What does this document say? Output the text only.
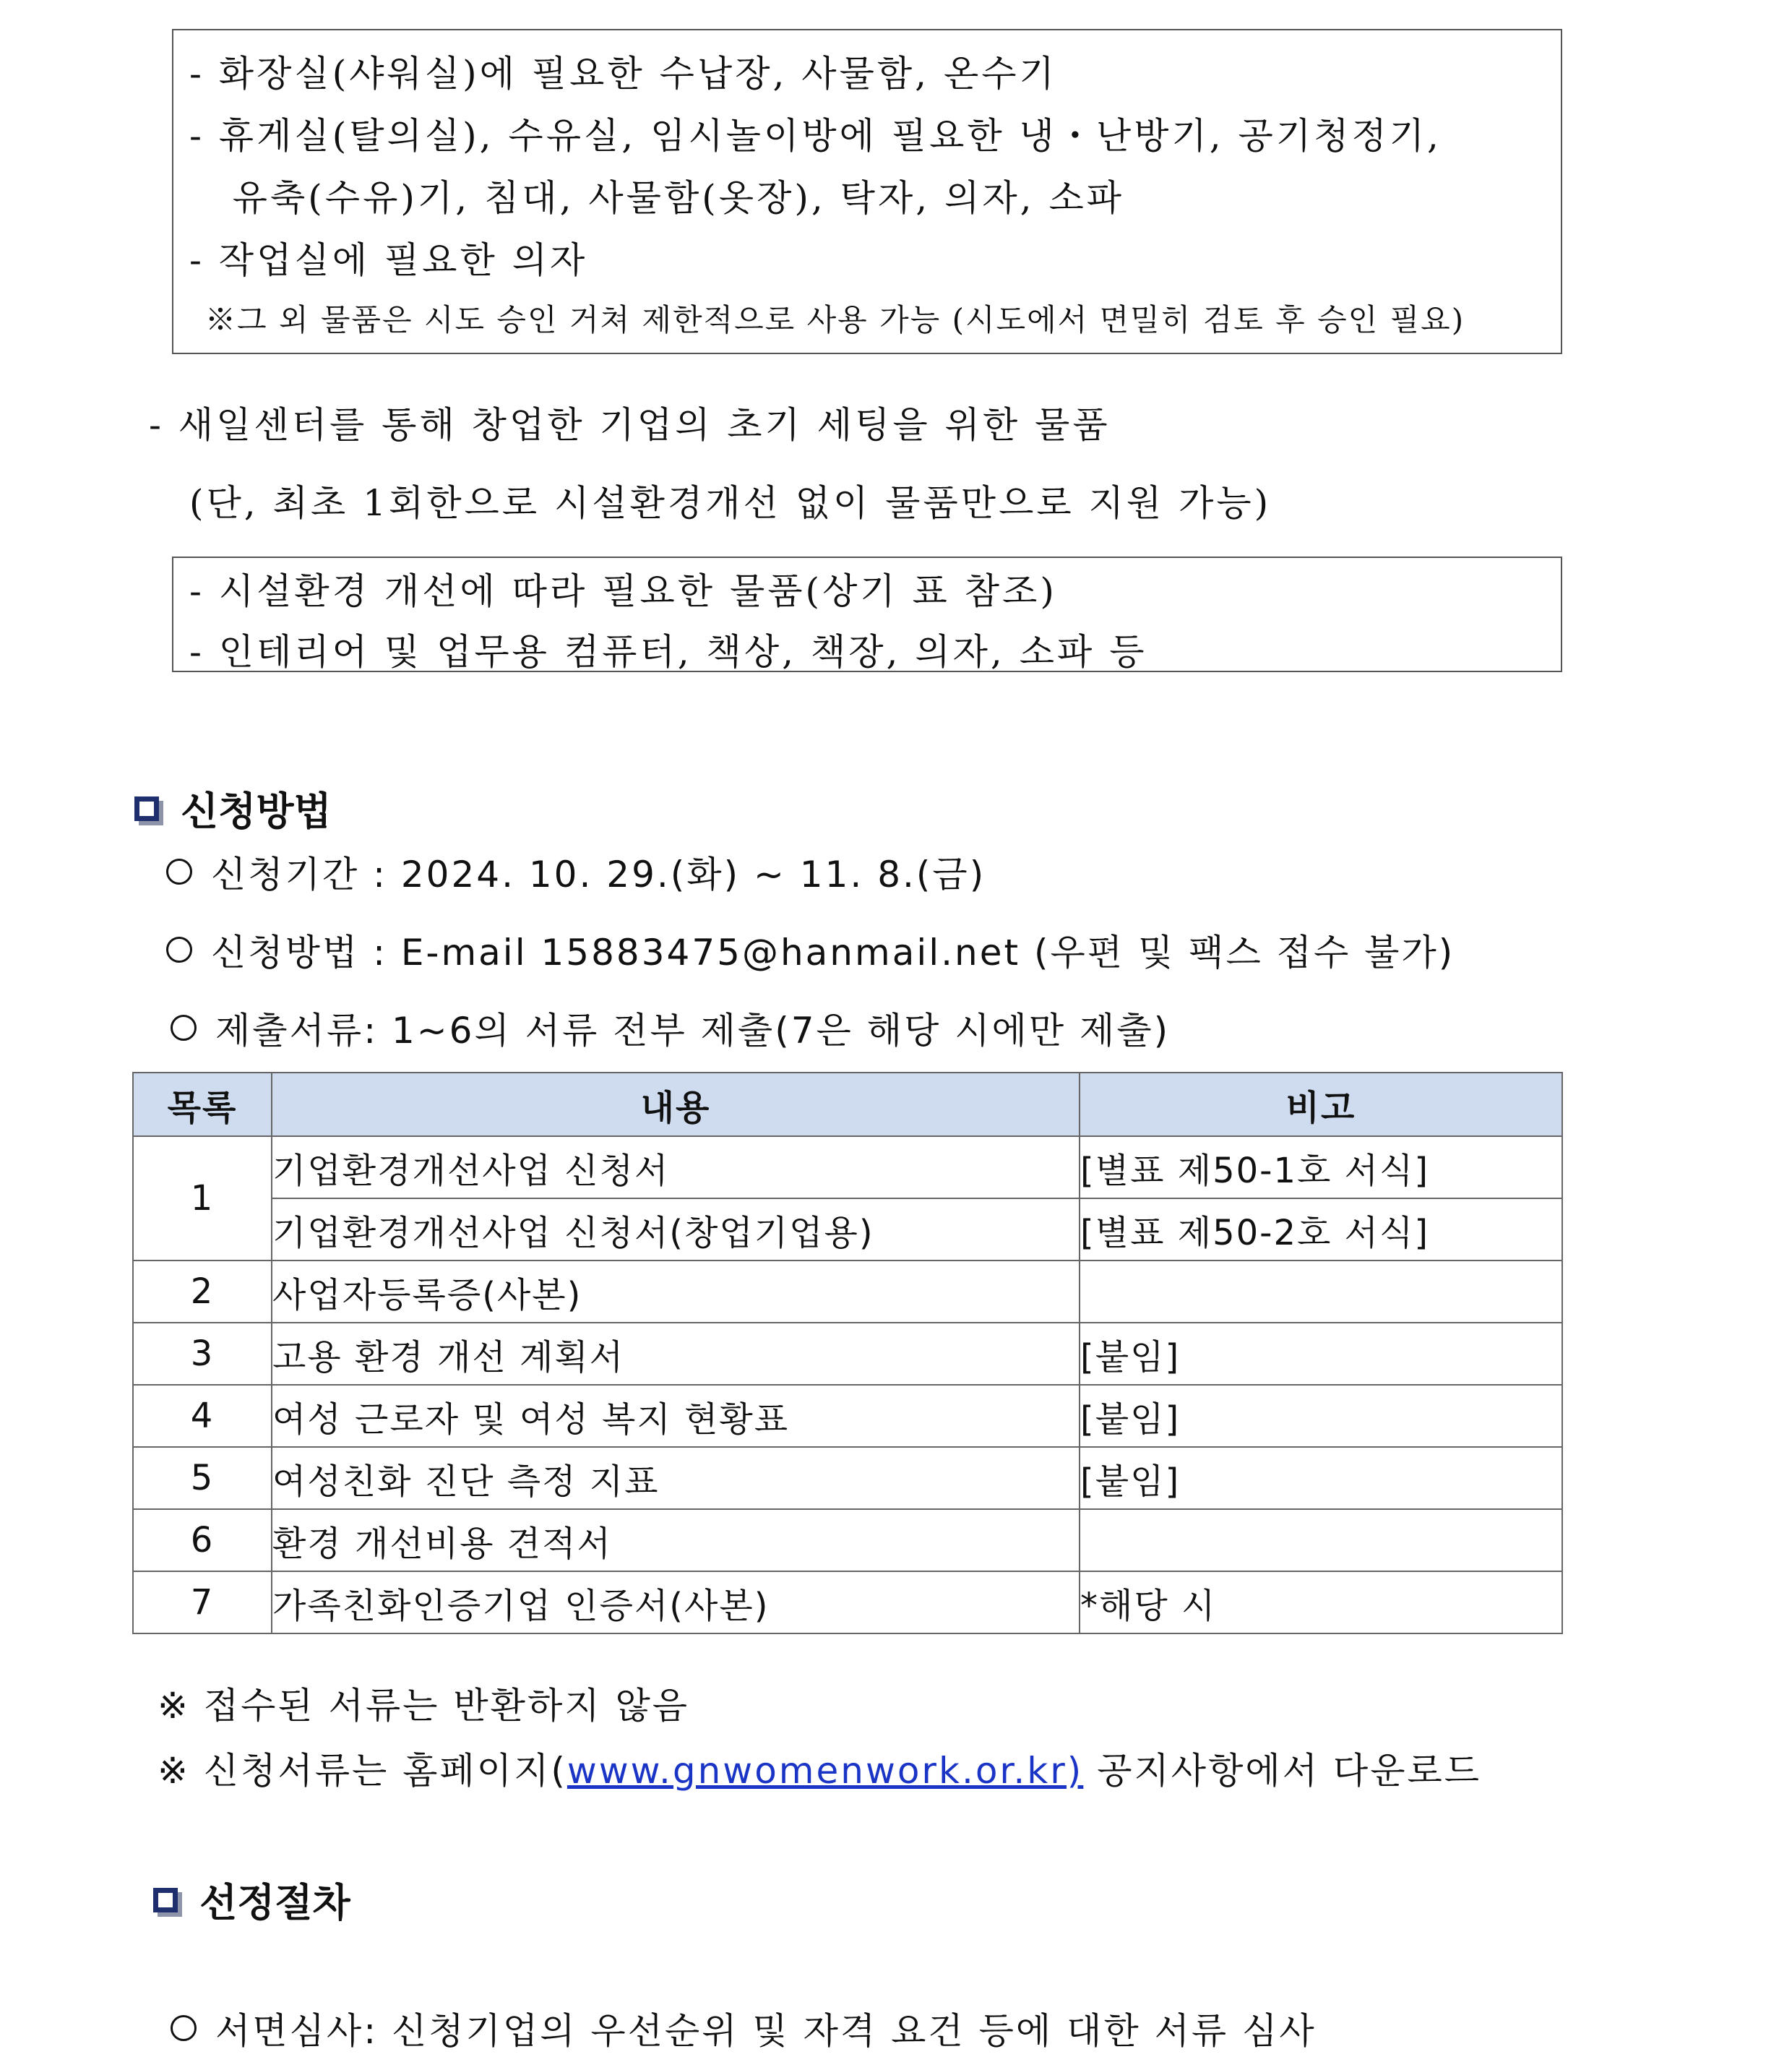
- 화장실(샤워실)에 필요한 수납장, 사물함, 온수기
- 휴게실(탈의실), 수유실, 임시놀이방에 필요한 냉・난방기, 공기청정기,
유축(수유)기, 침대, 사물함(옷장), 탁자, 의자, 소파
- 작업실에 필요한 의자
※그 외 물품은 시도 승인 거쳐 제한적으로 사용 가능 (시도에서 면밀히 검토 후 승인 필요)
- 새일센터를 통해 창업한 기업의 초기 세팅을 위한 물품
(단, 최초 1회한으로 시설환경개선 없이 물품만으로 지원 가능)
- 시설환경 개선에 따라 필요한 물품(상기 표 참조)
- 인테리어 및 업무용 컴퓨터, 책상, 책장, 의자, 소파 등
신청방법
신청기간 : 2024. 10. 29.(화) ~ 11. 8.(금)
신청방법 : E-mail 15883475@hanmail.net (우편 및 팩스 접수 불가)
제출서류: 1~6의 서류 전부 제출(7은 해당 시에만 제출)
목록	내용	비고
1	기업환경개선사업 신청서	[별표 제50-1호 서식]
	기업환경개선사업 신청서(창업기업용)	[별표 제50-2호 서식]
2	사업자등록증(사본)	
3	고용 환경 개선 계획서	[붙임]
4	여성 근로자 및 여성 복지 현황표	[붙임]
5	여성친화 진단 측정 지표	[붙임]
6	환경 개선비용 견적서	
7	가족친화인증기업 인증서(사본)	*해당 시
※ 접수된 서류는 반환하지 않음
※ 신청서류는 홈페이지(www.gnwomenwork.or.kr) 공지사항에서 다운로드
선정절차
서면심사: 신청기업의 우선순위 및 자격 요건 등에 대한 서류 심사
